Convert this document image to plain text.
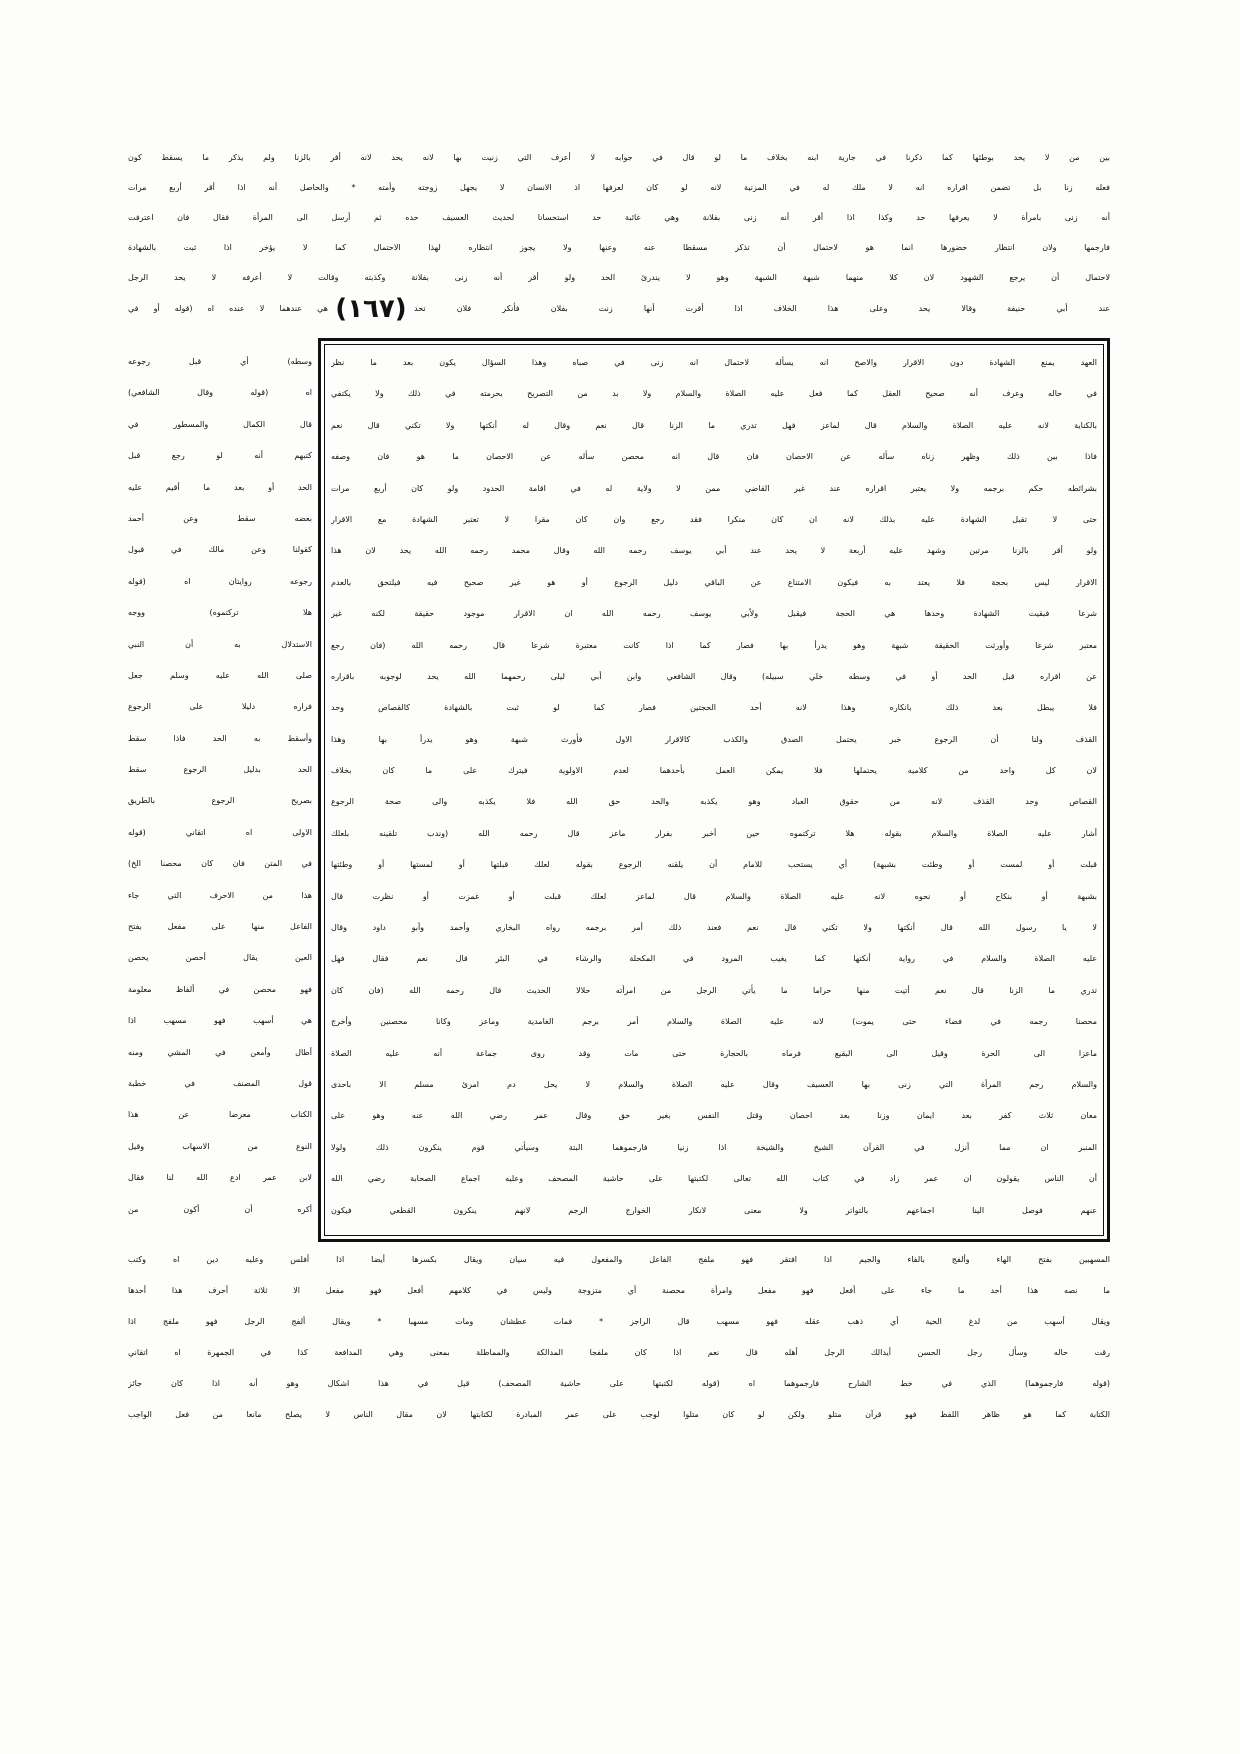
بين من لا يحد بوطئها كما ذكرنا في جارية ابنه بخلاف ما لو قال في جوابه لا أعرف التي زنيت بها لانه يحد لانه أقر بالزنا ولم يذكر ما يسقط كون
فعله زنا بل تضمن اقراره انه لا ملك له في المزنية لانه لو كان لعرفها اذ الانسان لا يجهل زوجته وأمته * والحاصل أنه اذا أقر أربع مرات
أنه زنى بامرأة لا يعرفها حد وكذا اذا أقر أنه زنى بفلانة وهي غائبة حد استحسانا لحديث العسيف حده ثم أرسل الى المرأة فقال فان اعترفت
فارجمها ولان انتظار حضورها انما هو لاحتمال أن تذكر مسقطا عنه وعنها ولا يجوز انتظاره لهذا الاحتمال كما لا يؤخر اذا ثبت بالشهادة
لاحتمال أن يرجع الشهود لان كلا منهما شبهة الشبهة وهو لا يندرئ الحد ولو أقر أنه زنى بفلانة وكذبته وقالت لا أعرفه لا يحد الرجل
عند أبي حنيفة وقالا يحد وعلى هذا الخلاف اذا أقرت أنها زنت بفلان فأنكر فلان تحد
(١٦٧)
هي عندهما لا عنده اه (قوله أو في
وسطه) أي قبل رجوعه
اه (قوله وقال الشافعي)
قال الكمال والمسطور في
كتبهم أنه لو رجع قبل
الحد أو بعد ما أقيم عليه
بعضه سقط وعن أحمد
كقولنا وعن مالك في قبول
رجوعه روايتان اه (قوله
هلا تركتموه) ووجه
الاستدلال به أن النبي
صلى الله عليه وسلم جعل
فراره دليلا على الرجوع
وأسقط به الحد فاذا سقط
الحد بدليل الرجوع سقط
بصريح الرجوع بالطريق
الاولى اه اتقاني (قوله
في المتن فان كان محصنا الخ)
هذا من الاحرف التي جاء
الفاعل منها على مفعل بفتح
العين يقال أحصن يحصن
فهو محصن في ألفاظ معلومة
هي أسهب فهو مسهب اذا
أطال وأمعن في المشي ومنه
قول المصنف في خطبة
الكتاب معرضا عن هذا
النوع من الاسهاب وقيل
لابن عمر ادع الله لنا فقال
أكره أن أكون من
العهد يمنع الشهادة دون الاقرار والاصح انه يسأله لاحتمال انه زنى في صباه وهذا السؤال يكون بعد ما نظر
في حاله وعرف أنه صحيح العقل كما فعل عليه الصلاة والسلام ولا بد من التصريح بحرمته في ذلك ولا يكتفي
بالكناية لانه عليه الصلاة والسلام قال لماعز فهل تدري ما الزنا قال نعم وقال له أنكتها ولا تكني قال نعم
فاذا بين ذلك وظهر زناه سأله عن الاحصان فان قال انه محصن سأله عن الاحصان ما هو فان وصفه
بشرائطه حكم برجمه ولا يعتبر اقراره عند غير القاضي ممن لا ولاية له في اقامة الحدود ولو كان أربع مرات
حتى لا تقبل الشهادة عليه بذلك لانه ان كان منكرا فقد رجع وان كان مقرا لا تعتبر الشهادة مع الاقرار
ولو أقر بالزنا مرتين وشهد عليه أربعة لا يحد عند أبي يوسف رحمه الله وقال محمد رحمه الله يحد لان هذا
الاقرار ليس بحجة فلا يعتد به فيكون الامتناع عن الباقي دليل الرجوع أو هو غير صحيح فيه فيلتحق بالعدم
شرعا فبقيت الشهادة وحدها هي الحجة فيقبل ولأبي يوسف رحمه الله ان الاقرار موجود حقيقة لكنه غير
معتبر شرعا وأورثت الحقيقة شبهة وهو يدرأ بها فصار كما اذا كانت معتبرة شرعا قال رحمه الله (فان رجع
عن اقراره قبل الحد أو في وسطه خلي سبيله) وقال الشافعي وابن أبي ليلى رحمهما الله يحد لوجوبه باقراره
فلا يبطل بعد ذلك بانكاره وهذا لانه أحد الحجتين فصار كما لو ثبت بالشهادة كالقصاص وحد
القذف ولنا أن الرجوع خبر يحتمل الصدق والكذب كالاقرار الاول فأورث شبهة وهو يدرأ بها وهذا
لان كل واحد من كلاميه يحتملها فلا يمكن العمل بأحدهما لعدم الاولوية فيترك على ما كان بخلاف
القصاص وحد القذف لانه من حقوق العباد وهو يكذبه والحد حق الله فلا يكذبه والى صحة الرجوع
أشار عليه الصلاة والسلام بقوله هلا تركتموه حين أخبر بفرار ماعز قال رحمه الله (وندب تلقينه بلعلك
قبلت أو لمست أو وطئت بشبهة) أي يستحب للامام أن يلقنه الرجوع بقوله لعلك قبلتها أو لمستها أو وطئتها
بشبهة أو بنكاح أو نحوه لانه عليه الصلاة والسلام قال لماعز لعلك قبلت أو غمزت أو نظرت قال
لا يا رسول الله قال أنكتها ولا تكني قال نعم فعند ذلك أمر برجمه رواه البخاري وأحمد وأبو داود وقال
عليه الصلاة والسلام في رواية أنكتها كما يغيب المرود في المكحلة والرشاء في البئر قال نعم فقال فهل
تدري ما الزنا قال نعم أتيت منها حراما ما يأتي الرجل من امرأته حلالا الحديث قال رحمه الله (فان كان
محصنا رجمه في فضاء حتى يموت) لانه عليه الصلاة والسلام أمر برجم الغامدية وماعز وكانا محصنين وأخرج
ماعزا الى الحرة وقيل الى البقيع فرماه بالحجارة حتى مات وقد روى جماعة أنه عليه الصلاة
والسلام رجم المرأة التي زنى بها العسيف وقال عليه الصلاة والسلام لا يحل دم امرئ مسلم الا باحدى
معان ثلاث كفر بعد ايمان وزنا بعد احصان وقتل النفس بغير حق وقال عمر رضي الله عنه وهو على
المنبر ان مما أنزل في القرآن الشيخ والشيخة اذا زنيا فارجموهما البتة وسيأتي قوم ينكرون ذلك ولولا
أن الناس يقولون ان عمر زاد في كتاب الله تعالى لكتبتها على حاشية المصحف وعليه اجماع الصحابة رضي الله
عنهم فوصل الينا اجماعهم بالتواتر ولا معنى لانكار الخوارج الرجم لانهم ينكرون القطعي فيكون
المسهبين بفتح الهاء وألفج بالفاء والجيم اذا افتقر فهو ملفج الفاعل والمفعول فيه سيان ويقال بكسرها أيضا اذا أفلس وعليه دين اه وكتب
ما نصه هذا أحد ما جاء على أفعل فهو مفعل وامرأة محصنة أي متزوجة وليس في كلامهم أفعل فهو مفعل الا ثلاثة أحرف هذا أحدها
ويقال أسهب من لدغ الحية أي ذهب عقله فهو مسهب قال الراجز * فمات عطشان ومات مسهبا * ويقال ألفج الرجل فهو ملفج اذا
رقت حاله وسأل رجل الحسن أيدالك الرجل أهله قال نعم اذا كان ملفجا المدالكة والمماطلة بمعنى وهي المدافعة كذا في الجمهرة اه اتقاني
(قوله فارجموهما) الذي في خط الشارح فارجموهما اه (قوله لكتبتها على حاشية المصحف) قيل في هذا اشكال وهو أنه اذا كان جائز
الكتابة كما هو ظاهر اللفظ فهو قرآن متلو ولكن لو كان متلوا لوجب على عمر المبادرة لكتابتها لان مقال الناس لا يصلح مانعا من فعل الواجب
